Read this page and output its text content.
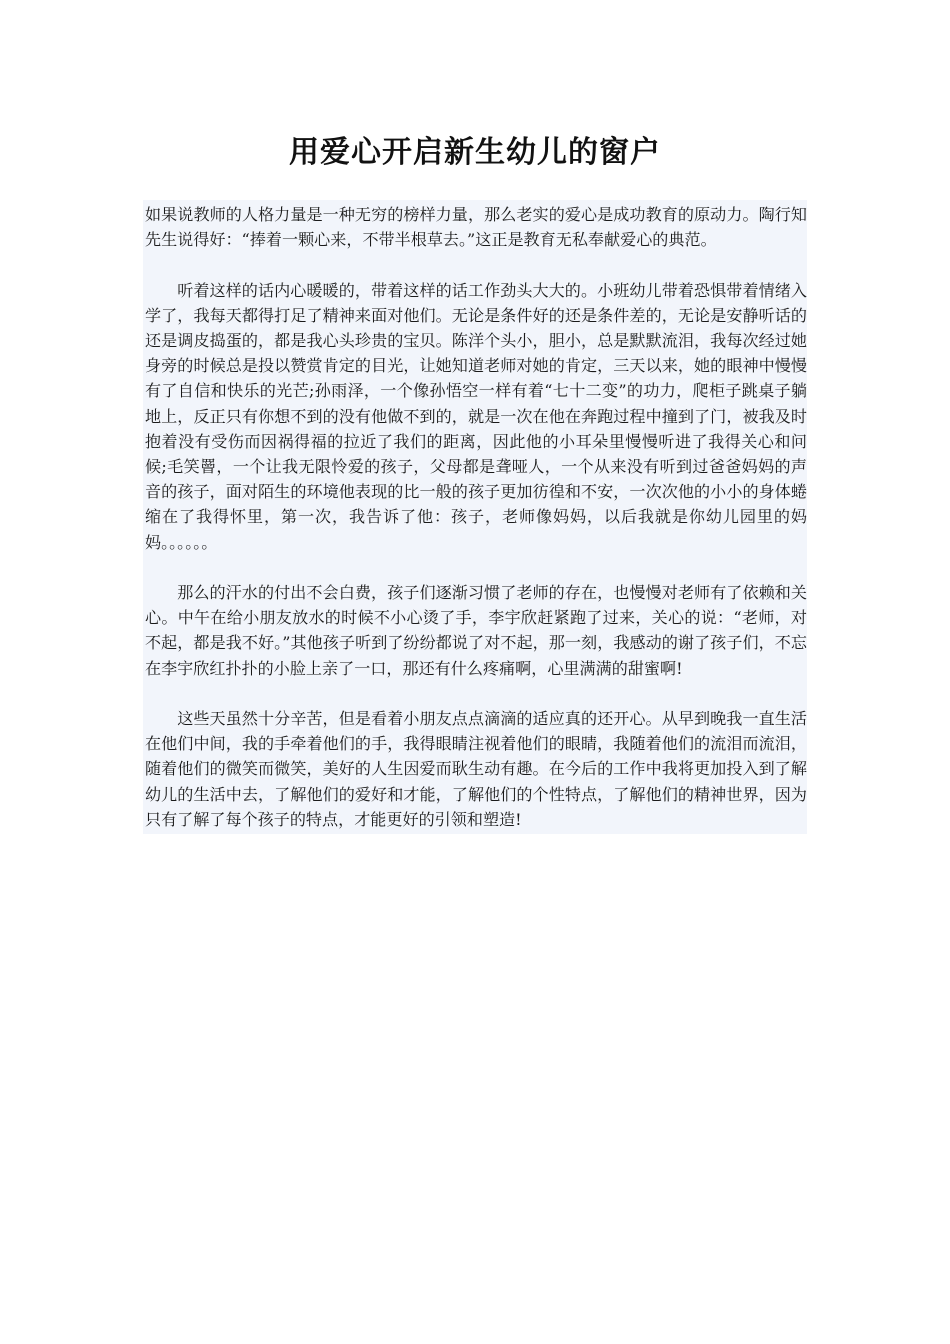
用爱心开启新生幼儿的窗户

如果说教师的人格力量是一种无穷的榜样力量，那么老实的爱心是成功教育的原动力。陶行知先生说得好：“捧着一颗心来，不带半根草去。”这正是教育无私奉献爱心的典范。

听着这样的话内心暖暖的，带着这样的话工作劲头大大的。小班幼儿带着恐惧带着情绪入学了，我每天都得打足了精神来面对他们。无论是条件好的还是条件差的，无论是安静听话的还是调皮捣蛋的，都是我心头珍贵的宝贝。陈洋个头小，胆小，总是默默流泪，我每次经过她身旁的时候总是投以赞赏肯定的目光，让她知道老师对她的肯定，三天以来，她的眼神中慢慢有了自信和快乐的光芒;孙雨泽，一个像孙悟空一样有着“七十二变”的功力，爬柜子跳桌子躺地上，反正只有你想不到的没有他做不到的，就是一次在他在奔跑过程中撞到了门，被我及时抱着没有受伤而因祸得福的拉近了我们的距离，因此他的小耳朵里慢慢听进了我得关心和问候;毛笑罾，一个让我无限怜爱的孩子，父母都是聋哑人，一个从来没有听到过爸爸妈妈的声音的孩子，面对陌生的环境他表现的比一般的孩子更加彷徨和不安，一次次他的小小的身体蜷缩在了我得怀里，第一次，我告诉了他：孩子，老师像妈妈，以后我就是你幼儿园里的妈妈。。。。。。

那么的汗水的付出不会白费，孩子们逐渐习惯了老师的存在，也慢慢对老师有了依赖和关心。中午在给小朋友放水的时候不小心烫了手，李宇欣赶紧跑了过来，关心的说：“老师，对不起，都是我不好。”其他孩子听到了纷纷都说了对不起，那一刻，我感动的谢了孩子们，不忘在李宇欣红扑扑的小脸上亲了一口，那还有什么疼痛啊，心里满满的甜蜜啊!

这些天虽然十分辛苦，但是看着小朋友点点滴滴的适应真的还开心。从早到晚我一直生活在他们中间，我的手牵着他们的手，我得眼睛注视着他们的眼睛，我随着他们的流泪而流泪，随着他们的微笑而微笑，美好的人生因爱而耿生动有趣。在今后的工作中我将更加投入到了解幼儿的生活中去，了解他们的爱好和才能，了解他们的个性特点，了解他们的精神世界，因为只有了解了每个孩子的特点，才能更好的引领和塑造!
